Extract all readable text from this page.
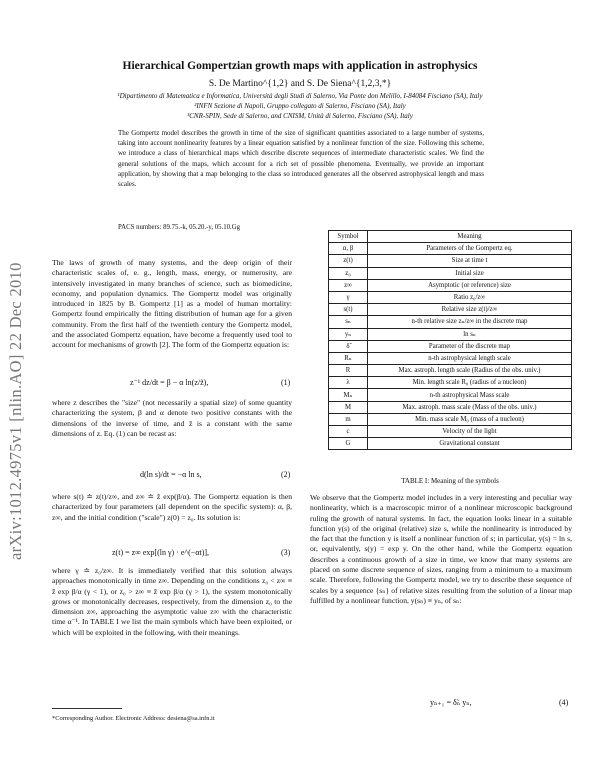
Hierarchical Gompertzian growth maps with application in astrophysics
S. De Martino^{1,2} and S. De Siena^{1,2,3,*}
¹Dipartimento di Matematica e Informatica, Università degli Studi di Salerno, Via Ponte don Melillo, I-84084 Fisciano (SA), Italy
²INFN Sezione di Napoli, Gruppo collegato di Salerno, Fisciano (SA), Italy
³CNR-SPIN, Sede di Salerno, and CNISM, Unità di Salerno, Fisciano (SA), Italy
The Gompertz model describes the growth in time of the size of significant quantities associated to a large number of systems, taking into account nonlinearity features by a linear equation satisfied by a nonlinear function of the size. Following this scheme, we introduce a class of hierarchical maps which describe discrete sequences of intermediate characteristic scales. We find the general solutions of the maps, which account for a rich set of possible phenomena. Eventually, we provide an important application, by showing that a map belonging to the class so introduced generates all the observed astrophysical length and mass scales.
PACS numbers: 89.75.-k, 05.20.-y, 05.10.Gg
arXiv:1012.4975v1 [nlin.AO] 22 Dec 2010	The laws of growth of many systems, and the deep origin of their characteristic scales of, e. g., length, mass, energy, or numerosity, are intensively investigated in many branches of science, such as biomedicine, economy, and population dynamics. The Gompertz model was originally introduced in 1825 by B. Gompertz [1] as a model of human mortality: Gompertz found empirically the fitting distribution of human age for a given community. From the first half of the twentieth century the Gompertz model, and the associated Gompertz equation, have become a frequently used tool to account for mechanisms of growth [2]. The form of the Gompertz equation is:
z⁻¹ dz/dt = β − α ln(z/z̃),	(1)
where z describes the "size" (not necessarily a spatial size) of some quantity characterizing the system, β and α denote two positive constants with the dimensions of the inverse of time, and z̃ is a constant with the same dimensions of z. Eq. (1) can be recast as:
d(ln s)/dt = −α ln s,	(2)
where s(t) ≐ z(t)/z∞, and z∞ ≐ z̃ exp(β/α). The Gompertz equation is then characterized by four parameters (all dependent on the specific system): α, β, z∞, and the initial condition ("scale") z(0) = z₀. Its solution is:
z(t) = z∞ exp[(ln γ) · e^(−αt)],	(3)
where γ ≐ z₀/z∞. It is immediately verified that this solution always approaches monotonically in time z∞. Depending on the conditions z₀ < z∞ ≡ z̃ exp β/α (γ < 1), or z₀ > z∞ ≡ z̃ exp β/α (γ > 1), the system monotonically grows or monotonically decreases, respectively, from the dimension z₀ to the dimension z∞, approaching the asymptotic value z∞ with the characteristic time α⁻¹. In TABLE I we list the main symbols which have been exploited, or which will be exploited in the following, with their meanings.
*Corresponding Author. Electronic Address: desiena@sa.infn.it
Symbol	Meaning
α, β	Parameters of the Gompertz eq.
z(t)	Size at time t
z₀	Initial size
z∞	Asymptotic (or reference) size
γ	Ratio z₀/z∞
s(t)	Relative size z(t)/z∞
sₙ	n-th relative size zₙ/z∞ in the discrete map
yₙ	ln sₙ
δ̃	Parameter of the discrete map
Rₙ	n-th astrophysical length scale
R	Max. astroph. length scale (Radius of the obs. univ.)
λ	Min. length scale R₀ (radius of a nucleon)
Mₙ	n-th astrophysical Mass scale
M	Max. astroph. mass scale (Mass of the obs. univ.)
m	Min. mass scale M₀ (mass of a nucleon)
c	Velocity of the light
G	Gravitational constant
TABLE I: Meaning of the symbols
We observe that the Gompertz model includes in a very interesting and peculiar way nonlinearity, which is a macroscopic mirror of a nonlinear microscopic background ruling the growth of natural systems. In fact, the equation looks linear in a suitable function y(s) of the original (relative) size s, while the nonlinearity is introduced by the fact that the function y is itself a nonlinear function of s; in particular, y(s) = ln s, or, equivalently, s(y) = exp y. On the other hand, while the Gompertz equation describes a continuous growth of a size in time, we know that many systems are placed on some discrete sequence of sizes, ranging from a minimum to a maximum scale. Therefore, following the Gompertz model, we try to describe these sequence of scales by a sequence {sₙ} of relative sizes resulting from the solution of a linear map fulfilled by a nonlinear function, y(sₙ) ≡ yₙ, of sₙ:
yₙ₊₁ = δ̃ₙ yₙ,	(4)
